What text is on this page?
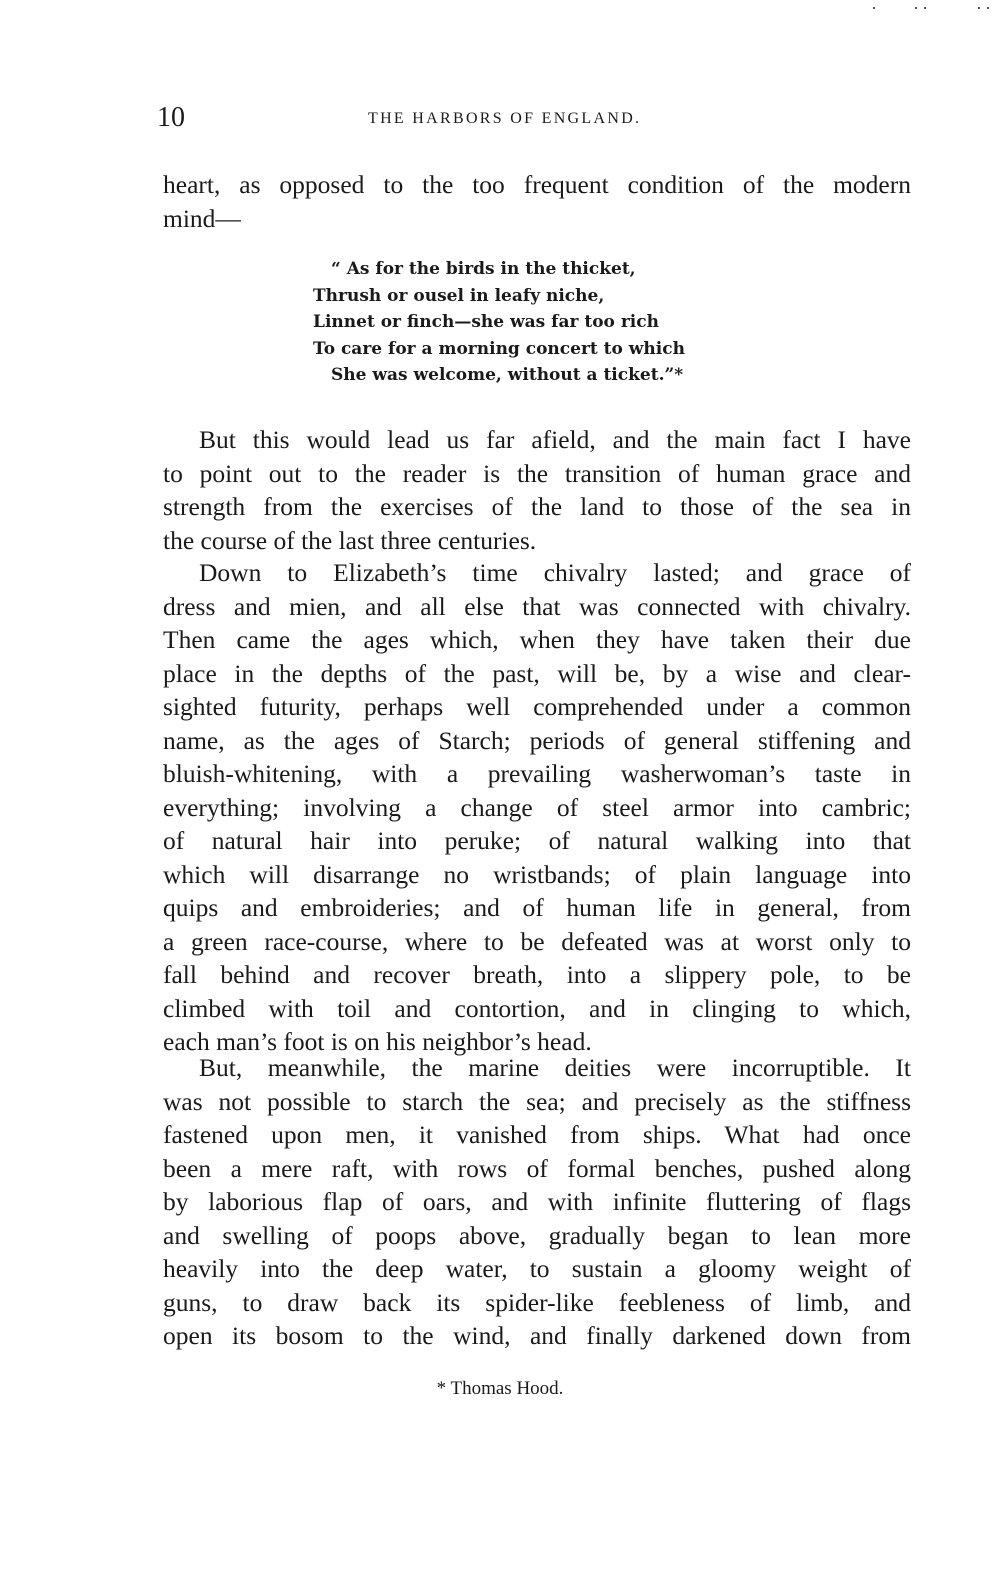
10	THE HARBORS OF ENGLAND.
heart, as opposed to the too frequent condition of the modern
mind—
“ As for the birds in the thicket,
Thrush or ousel in leafy niche,
Linnet or finch—she was far too rich
To care for a morning concert to which
She was welcome, without a ticket.”*
But this would lead us far afield, and the main fact I have
to point out to the reader is the transition of human grace and
strength from the exercises of the land to those of the sea in
the course of the last three centuries.
Down to Elizabeth’s time chivalry lasted; and grace of
dress and mien, and all else that was connected with chivalry.
Then came the ages which, when they have taken their due
place in the depths of the past, will be, by a wise and clear-
sighted futurity, perhaps well comprehended under a common
name, as the ages of Starch; periods of general stiffening and
bluish-whitening, with a prevailing washerwoman’s taste in
everything; involving a change of steel armor into cambric;
of natural hair into peruke; of natural walking into that
which will disarrange no wristbands; of plain language into
quips and embroideries; and of human life in general, from
a green race-course, where to be defeated was at worst only to
fall behind and recover breath, into a slippery pole, to be
climbed with toil and contortion, and in clinging to which,
each man’s foot is on his neighbor’s head.
But, meanwhile, the marine deities were incorruptible. It
was not possible to starch the sea; and precisely as the stiffness
fastened upon men, it vanished from ships. What had once
been a mere raft, with rows of formal benches, pushed along
by laborious flap of oars, and with infinite fluttering of flags
and swelling of poops above, gradually began to lean more
heavily into the deep water, to sustain a gloomy weight of
guns, to draw back its spider-like feebleness of limb, and
open its bosom to the wind, and finally darkened down from
* Thomas Hood.
